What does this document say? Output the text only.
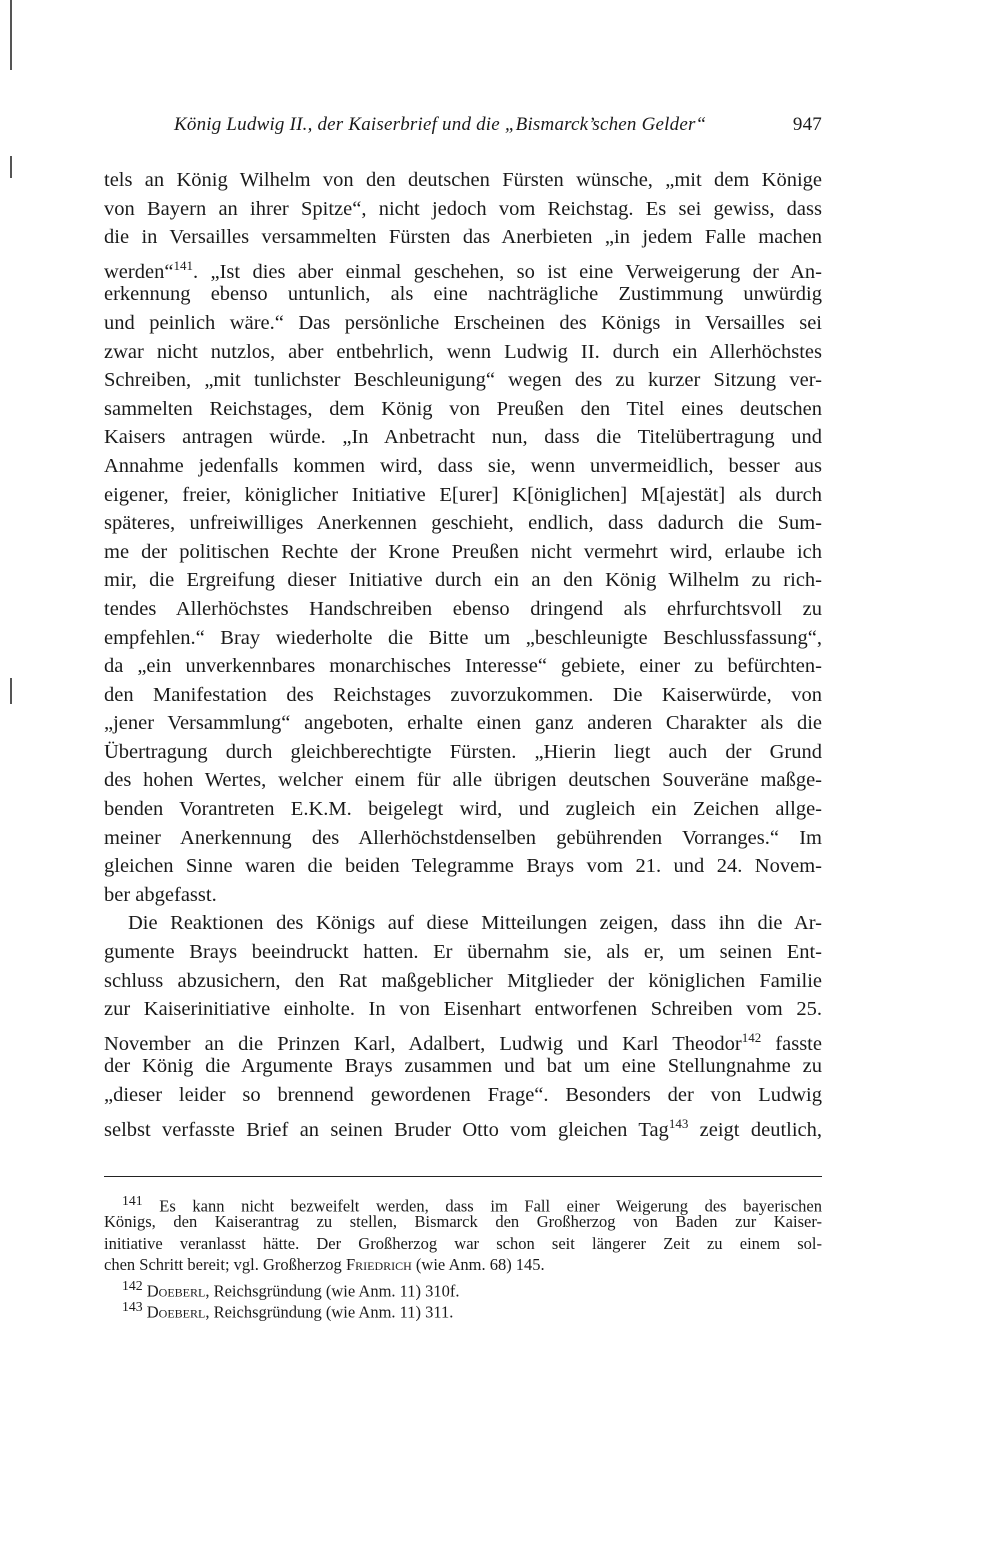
König Ludwig II., der Kaiserbrief und die „Bismarck’schen Gelder“	947
tels an König Wilhelm von den deutschen Fürsten wünsche, „mit dem Könige
von Bayern an ihrer Spitze“, nicht jedoch vom Reichstag. Es sei gewiss, dass
die in Versailles versammelten Fürsten das Anerbieten „in jedem Falle machen
werden“$^{141}$. „Ist dies aber einmal geschehen, so ist eine Verweigerung der An-
erkennung ebenso untunlich, als eine nachträgliche Zustimmung unwürdig
und peinlich wäre.“ Das persönliche Erscheinen des Königs in Versailles sei
zwar nicht nutzlos, aber entbehrlich, wenn Ludwig II. durch ein Allerhöchstes
Schreiben, „mit tunlichster Beschleunigung“ wegen des zu kurzer Sitzung ver-
sammelten Reichstages, dem König von Preußen den Titel eines deutschen
Kaisers antragen würde. „In Anbetracht nun, dass die Titelübertragung und
Annahme jedenfalls kommen wird, dass sie, wenn unvermeidlich, besser aus
eigener, freier, königlicher Initiative E[urer] K[öniglichen] M[ajestät] als durch
späteres, unfreiwilliges Anerkennen geschieht, endlich, dass dadurch die Sum-
me der politischen Rechte der Krone Preußen nicht vermehrt wird, erlaube ich
mir, die Ergreifung dieser Initiative durch ein an den König Wilhelm zu rich-
tendes Allerhöchstes Handschreiben ebenso dringend als ehrfurchtsvoll zu
empfehlen.“ Bray wiederholte die Bitte um „beschleunigte Beschlussfassung“,
da „ein unverkennbares monarchisches Interesse“ gebiete, einer zu befürchten-
den Manifestation des Reichstages zuvorzukommen. Die Kaiserwürde, von
„jener Versammlung“ angeboten, erhalte einen ganz anderen Charakter als die
Übertragung durch gleichberechtigte Fürsten. „Hierin liegt auch der Grund
des hohen Wertes, welcher einem für alle übrigen deutschen Souveräne maßge-
benden Vorantreten E.K.M. beigelegt wird, und zugleich ein Zeichen allge-
meiner Anerkennung des Allerhöchstdenselben gebührenden Vorranges.“ Im
gleichen Sinne waren die beiden Telegramme Brays vom 21. und 24. Novem-
ber abgefasst.
Die Reaktionen des Königs auf diese Mitteilungen zeigen, dass ihn die Ar-
gumente Brays beeindruckt hatten. Er übernahm sie, als er, um seinen Ent-
schluss abzusichern, den Rat maßgeblicher Mitglieder der königlichen Familie
zur Kaiserinitiative einholte. In von Eisenhart entworfenen Schreiben vom 25.
November an die Prinzen Karl, Adalbert, Ludwig und Karl Theodor$^{142}$ fasste
der König die Argumente Brays zusammen und bat um eine Stellungnahme zu
„dieser leider so brennend gewordenen Frage“. Besonders der von Ludwig
selbst verfasste Brief an seinen Bruder Otto vom gleichen Tag$^{143}$ zeigt deutlich,
$^{141}$ Es kann nicht bezweifelt werden, dass im Fall einer Weigerung des bayerischen
Königs, den Kaiserantrag zu stellen, Bismarck den Großherzog von Baden zur Kaiser-
initiative veranlasst hätte. Der Großherzog war schon seit längerer Zeit zu einem sol-
chen Schritt bereit; vgl. Großherzog Friedrich (wie Anm. 68) 145.
$^{142}$ Doeberl, Reichsgründung (wie Anm. 11) 310f.
$^{143}$ Doeberl, Reichsgründung (wie Anm. 11) 311.
